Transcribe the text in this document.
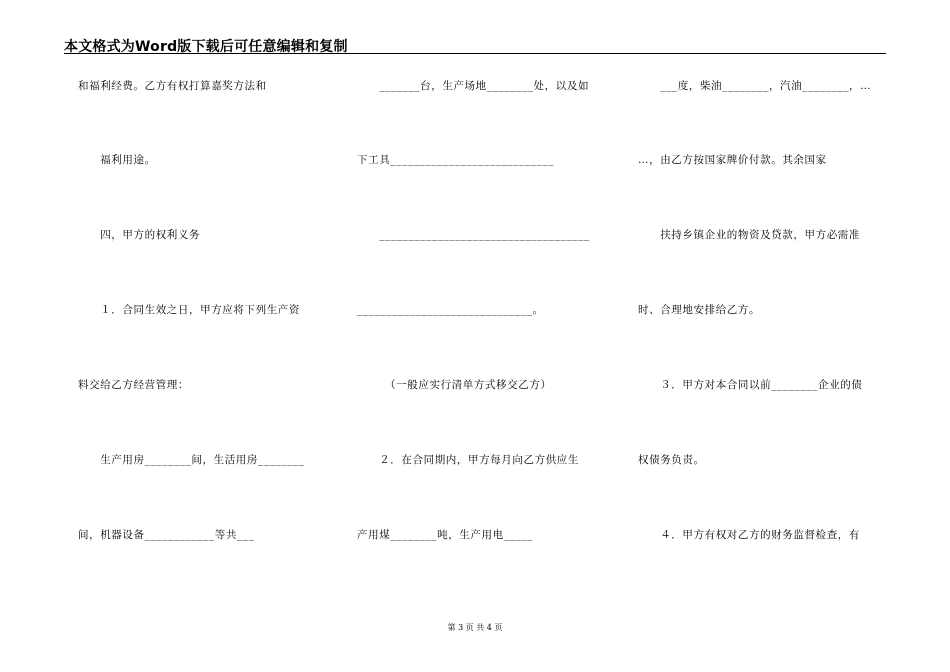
本文格式为Word版下载后可任意编辑和复制
和福利经费。乙方有权打算嘉奖方法和
　　福利用途。
　　四，甲方的权利义务
　　１．合同生效之日，甲方应将下列生产资
料交给乙方经营管理：
　　生产用房________间，生活用房________
间，机器设备____________等共___
　　_______台，生产场地________处，以及如
下工具____________________________
　　____________________________________
______________________________。
　　　（一般应实行清单方式移交乙方）
　　２．在合同期内，甲方每月向乙方供应生
产用煤________吨，生产用电_____
　　___度，柴油________，汽油________，…
…，由乙方按国家牌价付款。其余国家
　　扶持乡镇企业的物资及贷款，甲方必需准
时、合理地安排给乙方。
　　３．甲方对本合同以前________企业的债
权债务负责。
　　４．甲方有权对乙方的财务监督检查，有
第 3 页 共 4 页
